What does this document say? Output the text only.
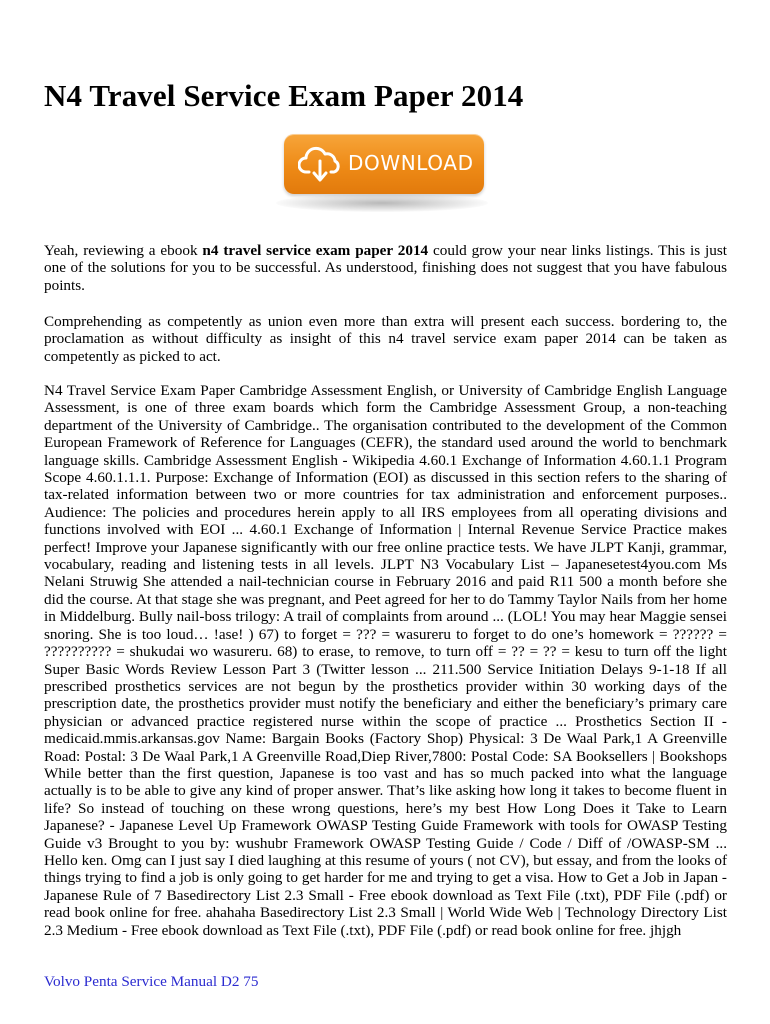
N4 Travel Service Exam Paper 2014
DOWNLOAD

Yeah, reviewing a ebook n4 travel service exam paper 2014 could grow your near links listings. This is just one of the solutions for you to be successful. As understood, finishing does not suggest that you have fabulous points.

Comprehending as competently as union even more than extra will present each success. bordering to, the proclamation as without difficulty as insight of this n4 travel service exam paper 2014 can be taken as competently as picked to act.

N4 Travel Service Exam Paper Cambridge Assessment English, or University of Cambridge English Language Assessment, is one of three exam boards which form the Cambridge Assessment Group, a non-teaching department of the University of Cambridge.. The organisation contributed to the development of the Common European Framework of Reference for Languages (CEFR), the standard used around the world to benchmark language skills. Cambridge Assessment English - Wikipedia 4.60.1 Exchange of Information 4.60.1.1 Program Scope 4.60.1.1.1. Purpose: Exchange of Information (EOI) as discussed in this section refers to the sharing of tax-related information between two or more countries for tax administration and enforcement purposes.. Audience: The policies and procedures herein apply to all IRS employees from all operating divisions and functions involved with EOI ... 4.60.1 Exchange of Information | Internal Revenue Service Practice makes perfect! Improve your Japanese significantly with our free online practice tests. We have JLPT Kanji, grammar, vocabulary, reading and listening tests in all levels. JLPT N3 Vocabulary List – Japanesetest4you.com Ms Nelani Struwig She attended a nail-technician course in February 2016 and paid R11 500 a month before she did the course. At that stage she was pregnant, and Peet agreed for her to do Tammy Taylor Nails from her home in Middelburg. Bully nail-boss trilogy: A trail of complaints from around ... (LOL! You may hear Maggie sensei snoring. She is too loud… !ase! ) 67) to forget = ??? = wasureru to forget to do one’s homework = ?????? = ?????????? = shukudai wo wasureru. 68) to erase, to remove, to turn off = ?? = ?? = kesu to turn off the light Super Basic Words Review Lesson Part 3 (Twitter lesson ... 211.500 Service Initiation Delays 9-1-18 If all prescribed prosthetics services are not begun by the prosthetics provider within 30 working days of the prescription date, the prosthetics provider must notify the beneficiary and either the beneficiary’s primary care physician or advanced practice registered nurse within the scope of practice ... Prosthetics Section II - medicaid.mmis.arkansas.gov Name: Bargain Books (Factory Shop) Physical: 3 De Waal Park,1 A Greenville Road: Postal: 3 De Waal Park,1 A Greenville Road,Diep River,7800: Postal Code: SA Booksellers | Bookshops While better than the first question, Japanese is too vast and has so much packed into what the language actually is to be able to give any kind of proper answer. That’s like asking how long it takes to become fluent in life? So instead of touching on these wrong questions, here’s my best How Long Does it Take to Learn Japanese? - Japanese Level Up Framework OWASP Testing Guide Framework with tools for OWASP Testing Guide v3 Brought to you by: wushubr Framework OWASP Testing Guide / Code / Diff of /OWASP-SM ... Hello ken. Omg can I just say I died laughing at this resume of yours ( not CV), but essay, and from the looks of things trying to find a job is only going to get harder for me and trying to get a visa. How to Get a Job in Japan - Japanese Rule of 7 Basedirectory List 2.3 Small - Free ebook download as Text File (.txt), PDF File (.pdf) or read book online for free. ahahaha Basedirectory List 2.3 Small | World Wide Web | Technology Directory List 2.3 Medium - Free ebook download as Text File (.txt), PDF File (.pdf) or read book online for free. jhjgh

Volvo Penta Service Manual D2 75
